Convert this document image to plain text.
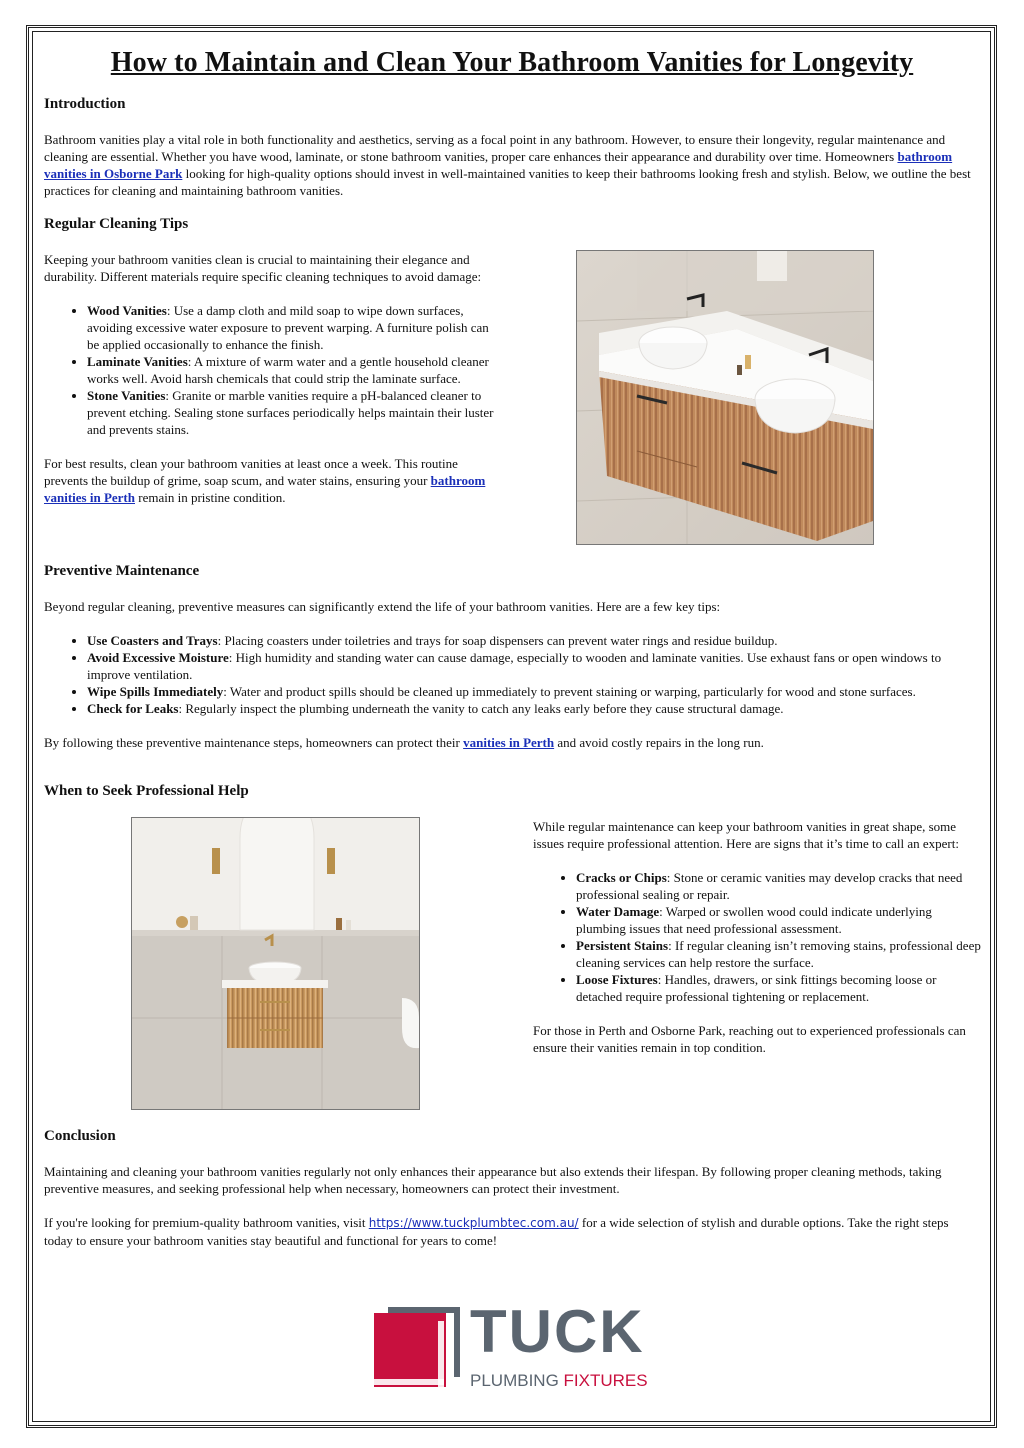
How to Maintain and Clean Your Bathroom Vanities for Longevity
Introduction

Bathroom vanities play a vital role in both functionality and aesthetics, serving as a focal point in any bathroom. However, to ensure their longevity, regular maintenance and cleaning are essential. Whether you have wood, laminate, or stone bathroom vanities, proper care enhances their appearance and durability over time. Homeowners bathroom vanities in Osborne Park looking for high-quality options should invest in well-maintained vanities to keep their bathrooms looking fresh and stylish. Below, we outline the best practices for cleaning and maintaining bathroom vanities.

Regular Cleaning Tips

Keeping your bathroom vanities clean is crucial to maintaining their elegance and durability. Different materials require specific cleaning techniques to avoid damage:

• Wood Vanities: Use a damp cloth and mild soap to wipe down surfaces, avoiding excessive water exposure to prevent warping. A furniture polish can be applied occasionally to enhance the finish.
• Laminate Vanities: A mixture of warm water and a gentle household cleaner works well. Avoid harsh chemicals that could strip the laminate surface.
• Stone Vanities: Granite or marble vanities require a pH-balanced cleaner to prevent etching. Sealing stone surfaces periodically helps maintain their luster and prevents stains.

For best results, clean your bathroom vanities at least once a week. This routine prevents the buildup of grime, soap scum, and water stains, ensuring your bathroom vanities in Perth remain in pristine condition.

Preventive Maintenance

Beyond regular cleaning, preventive measures can significantly extend the life of your bathroom vanities. Here are a few key tips:

• Use Coasters and Trays: Placing coasters under toiletries and trays for soap dispensers can prevent water rings and residue buildup.
• Avoid Excessive Moisture: High humidity and standing water can cause damage, especially to wooden and laminate vanities. Use exhaust fans or open windows to improve ventilation.
• Wipe Spills Immediately: Water and product spills should be cleaned up immediately to prevent staining or warping, particularly for wood and stone surfaces.
• Check for Leaks: Regularly inspect the plumbing underneath the vanity to catch any leaks early before they cause structural damage.

By following these preventive maintenance steps, homeowners can protect their vanities in Perth and avoid costly repairs in the long run.

When to Seek Professional Help

While regular maintenance can keep your bathroom vanities in great shape, some issues require professional attention. Here are signs that it’s time to call an expert:

• Cracks or Chips: Stone or ceramic vanities may develop cracks that need professional sealing or repair.
• Water Damage: Warped or swollen wood could indicate underlying plumbing issues that need professional assessment.
• Persistent Stains: If regular cleaning isn’t removing stains, professional deep cleaning services can help restore the surface.
• Loose Fixtures: Handles, drawers, or sink fittings becoming loose or detached require professional tightening or replacement.

For those in Perth and Osborne Park, reaching out to experienced professionals can ensure their vanities remain in top condition.

Conclusion

Maintaining and cleaning your bathroom vanities regularly not only enhances their appearance but also extends their lifespan. By following proper cleaning methods, taking preventive measures, and seeking professional help when necessary, homeowners can protect their investment.

If you're looking for premium-quality bathroom vanities, visit https://www.tuckplumbtec.com.au/ for a wide selection of stylish and durable options. Take the right steps today to ensure your bathroom vanities stay beautiful and functional for years to come!

TUCK
PLUMBING FIXTURES
